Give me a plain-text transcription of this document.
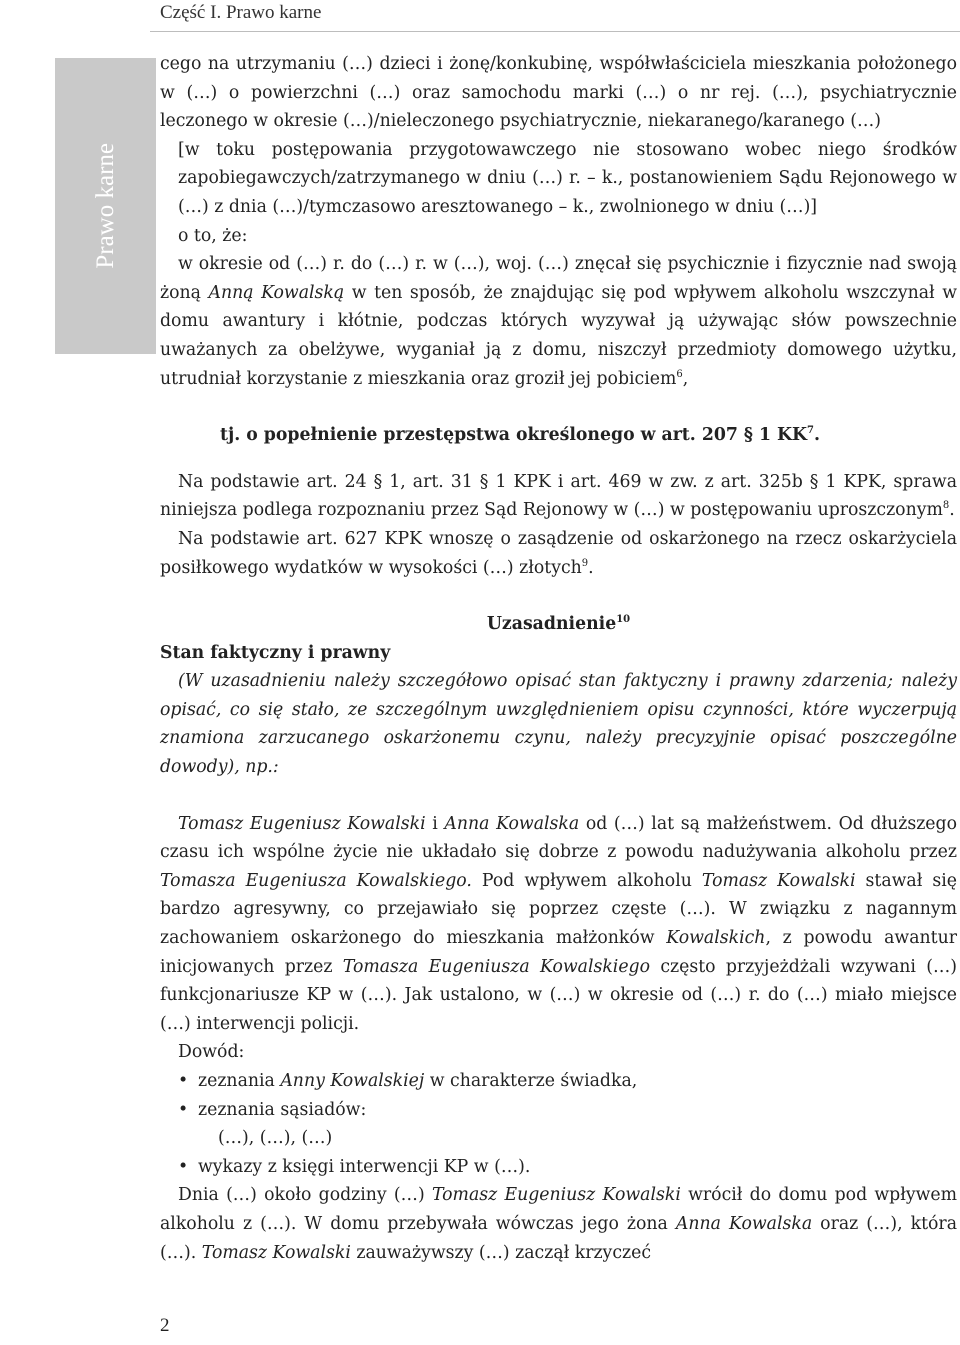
Część I. Prawo karne
Prawo karne

cego na utrzymaniu (…) dzieci i żonę/konkubinę, współwłaściciela mieszkania położonego w (…) o powierzchni (…) oraz samochodu marki (…) o nr rej. (…), psychiatrycznie leczonego w okresie (…)/nieleczonego psychiatrycznie, niekaranego/karanego (…)

[w toku postępowania przygotowawczego nie stosowano wobec niego środków zapobiegawczych/zatrzymanego w dniu (…) r. – k., postanowieniem Sądu Rejonowego w (…) z dnia (…)/tymczasowo aresztowanego – k., zwolnionego w dniu (…)]

o to, że:

w okresie od (…) r. do (…) r. w (…), woj. (…) znęcał się psychicznie i fizycznie nad swoją żoną Anną Kowalską w ten sposób, że znajdując się pod wpływem alkoholu wszczynał w domu awantury i kłótnie, podczas których wyzywał ją używając słów powszechnie uważanych za obelżywe, wyganiał ją z domu, niszczył przedmioty domowego użytku, utrudniał korzystanie z mieszkania oraz groził jej pobiciem$^6$,

tj. o popełnienie przestępstwa określonego w art. 207 § 1 $KK^7$.

Na podstawie art. 24 § 1, art. 31 § 1 KPK i art. 469 w zw. z art. 325b § 1 KPK, sprawa niniejsza podlega rozpoznaniu przez Sąd Rejonowy w (…) w postępowaniu uproszczonym$^8$.

Na podstawie art. 627 KPK wnoszę o zasądzenie od oskarżonego na rzecz oskarżyciela posiłkowego wydatków w wysokości (…) złotych$^9$.

Uzasadnienie$^{10}$

Stan faktyczny i prawny

(W uzasadnieniu należy szczegółowo opisać stan faktyczny i prawny zdarzenia; należy opisać, co się stało, ze szczególnym uwzględnieniem opisu czynności, które wyczerpują znamiona zarzucanego oskarżonemu czynu, należy precyzyjnie opisać poszczególne dowody), np.:

Tomasz Eugeniusz Kowalski i Anna Kowalska od (…) lat są małżeństwem. Od dłuższego czasu ich wspólne życie nie układało się dobrze z powodu nadużywania alkoholu przez Tomasza Eugeniusza Kowalskiego. Pod wpływem alkoholu Tomasz Kowalski stawał się bardzo agresywny, co przejawiało się poprzez częste (…). W związku z nagannym zachowaniem oskarżonego do mieszkania małżonków Kowalskich, z powodu awantur inicjowanych przez Tomasza Eugeniusza Kowalskiego często przyjeżdżali wzywani (…) funkcjonariusze KP w (…). Jak ustalono, w (…) w okresie od (…) r. do (…) miało miejsce (…) interwencji policji.

Dowód:

• zeznania Anny Kowalskiej w charakterze świadka,
• zeznania sąsiadów:
(…), (…), (…)
• wykazy z księgi interwencji KP w (…).

Dnia (…) około godziny (…) Tomasz Eugeniusz Kowalski wrócił do domu pod wpływem alkoholu z (…). W domu przebywała wówczas jego żona Anna Kowalska oraz (…), która (…). Tomasz Kowalski zauważywszy (…) zaczął krzyczeć

2
